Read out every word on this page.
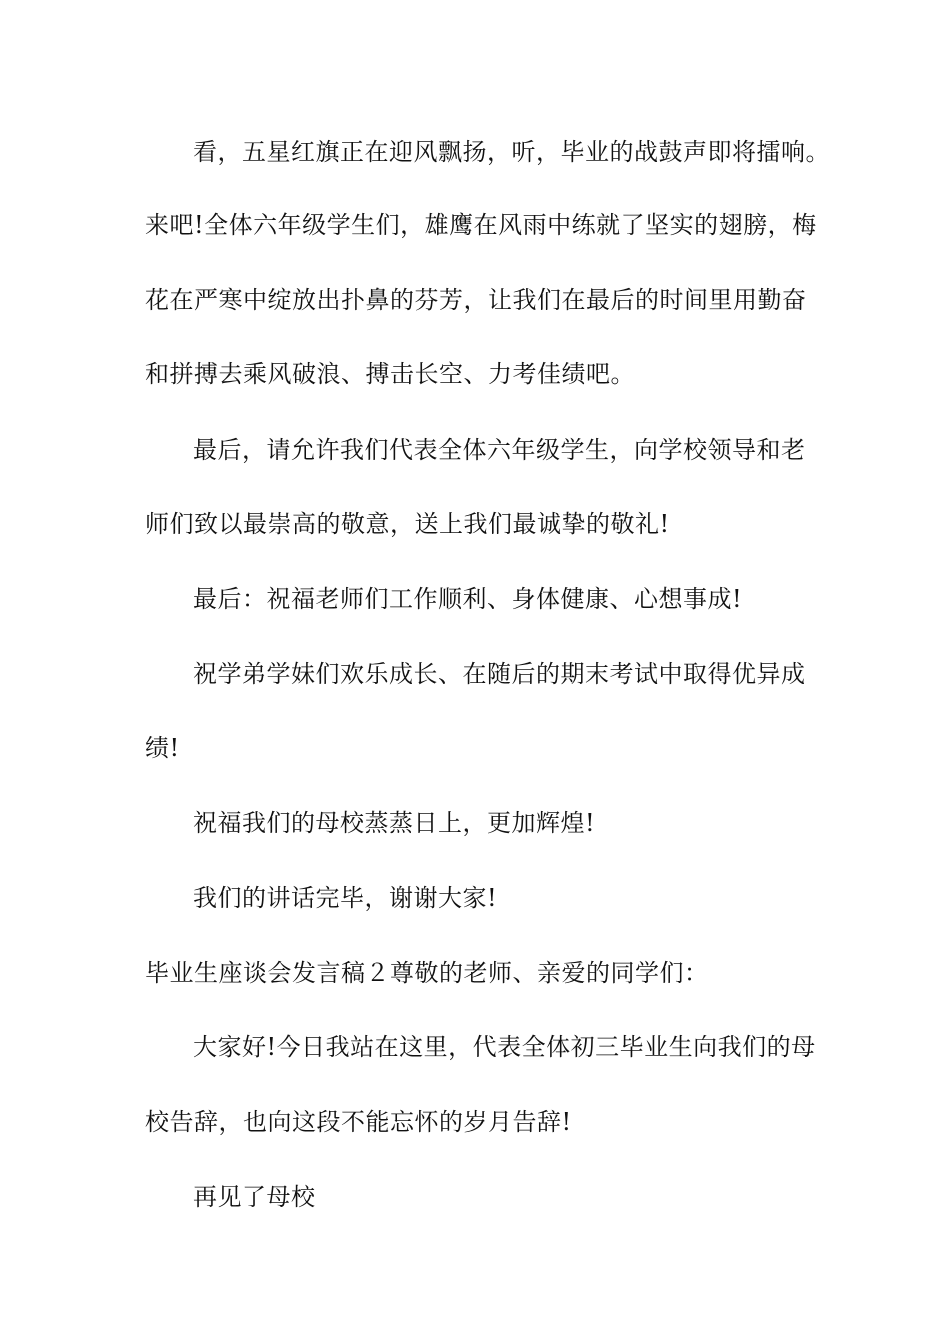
看，五星红旗正在迎风飘扬，听，毕业的战鼓声即将擂响。
来吧!全体六年级学生们，雄鹰在风雨中练就了坚实的翅膀，梅
花在严寒中绽放出扑鼻的芬芳，让我们在最后的时间里用勤奋
和拼搏去乘风破浪、搏击长空、力考佳绩吧。
最后，请允许我们代表全体六年级学生，向学校领导和老
师们致以最崇高的敬意，送上我们最诚挚的敬礼!
最后：祝福老师们工作顺利、身体健康、心想事成!
祝学弟学妹们欢乐成长、在随后的期末考试中取得优异成
绩!
祝福我们的母校蒸蒸日上，更加辉煌!
我们的讲话完毕，谢谢大家!
毕业生座谈会发言稿２尊敬的老师、亲爱的同学们：
大家好!今日我站在这里，代表全体初三毕业生向我们的母
校告辞，也向这段不能忘怀的岁月告辞!
再见了母校
